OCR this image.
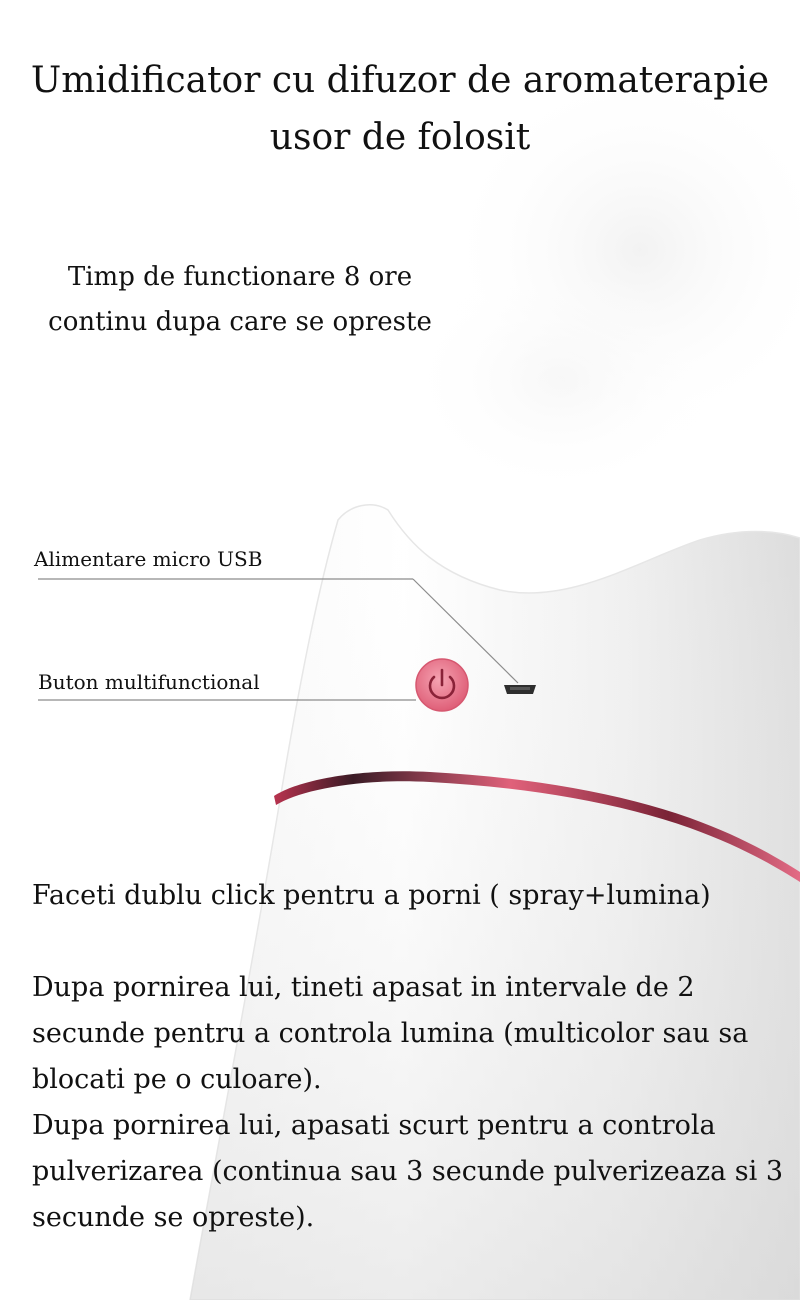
Umidificator cu difuzor de aromaterapie
usor de folosit
Timp de functionare 8 ore
continu dupa care se opreste
Alimentare micro USB
Buton multifunctional

Faceti dublu click pentru a porni ( spray+lumina)

Dupa pornirea lui, tineti apasat in intervale de 2 secunde pentru a controla lumina (multicolor sau sa blocati pe o culoare).

Dupa pornirea lui, apasati scurt pentru a controla pulverizarea (continua sau 3 secunde pulverizeaza si 3 secunde se opreste).
